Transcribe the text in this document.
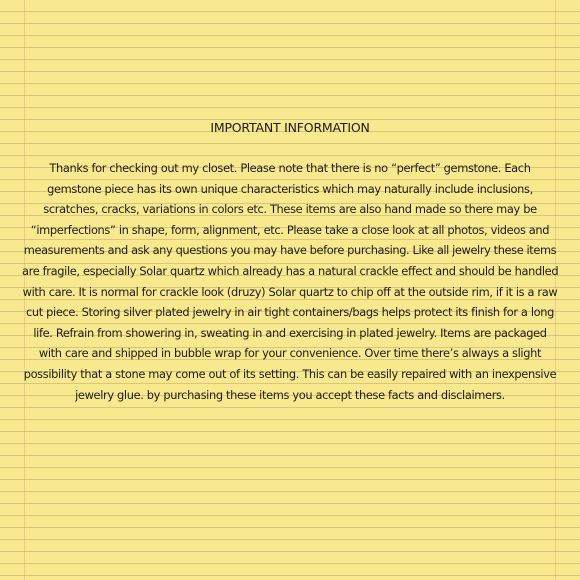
IMPORTANT INFORMATION
Thanks for checking out my closet. Please note that there is no “perfect” gemstone. Each
gemstone piece has its own unique characteristics which may naturally include inclusions,
scratches, cracks, variations in colors etc. These items are also hand made so there may be
“imperfections” in shape, form, alignment, etc. Please take a close look at all photos, videos and
measurements and ask any questions you may have before purchasing. Like all jewelry these items
are fragile, especially Solar quartz which already has a natural crackle effect and should be handled
with care. It is normal for crackle look (druzy) Solar quartz to chip off at the outside rim, if it is a raw
cut piece. Storing silver plated jewelry in air tight containers/bags helps protect its finish for a long
life. Refrain from showering in, sweating in and exercising in plated jewelry. Items are packaged
with care and shipped in bubble wrap for your convenience. Over time there’s always a slight
possibility that a stone may come out of its setting. This can be easily repaired with an inexpensive
jewelry glue. by purchasing these items you accept these facts and disclaimers.
